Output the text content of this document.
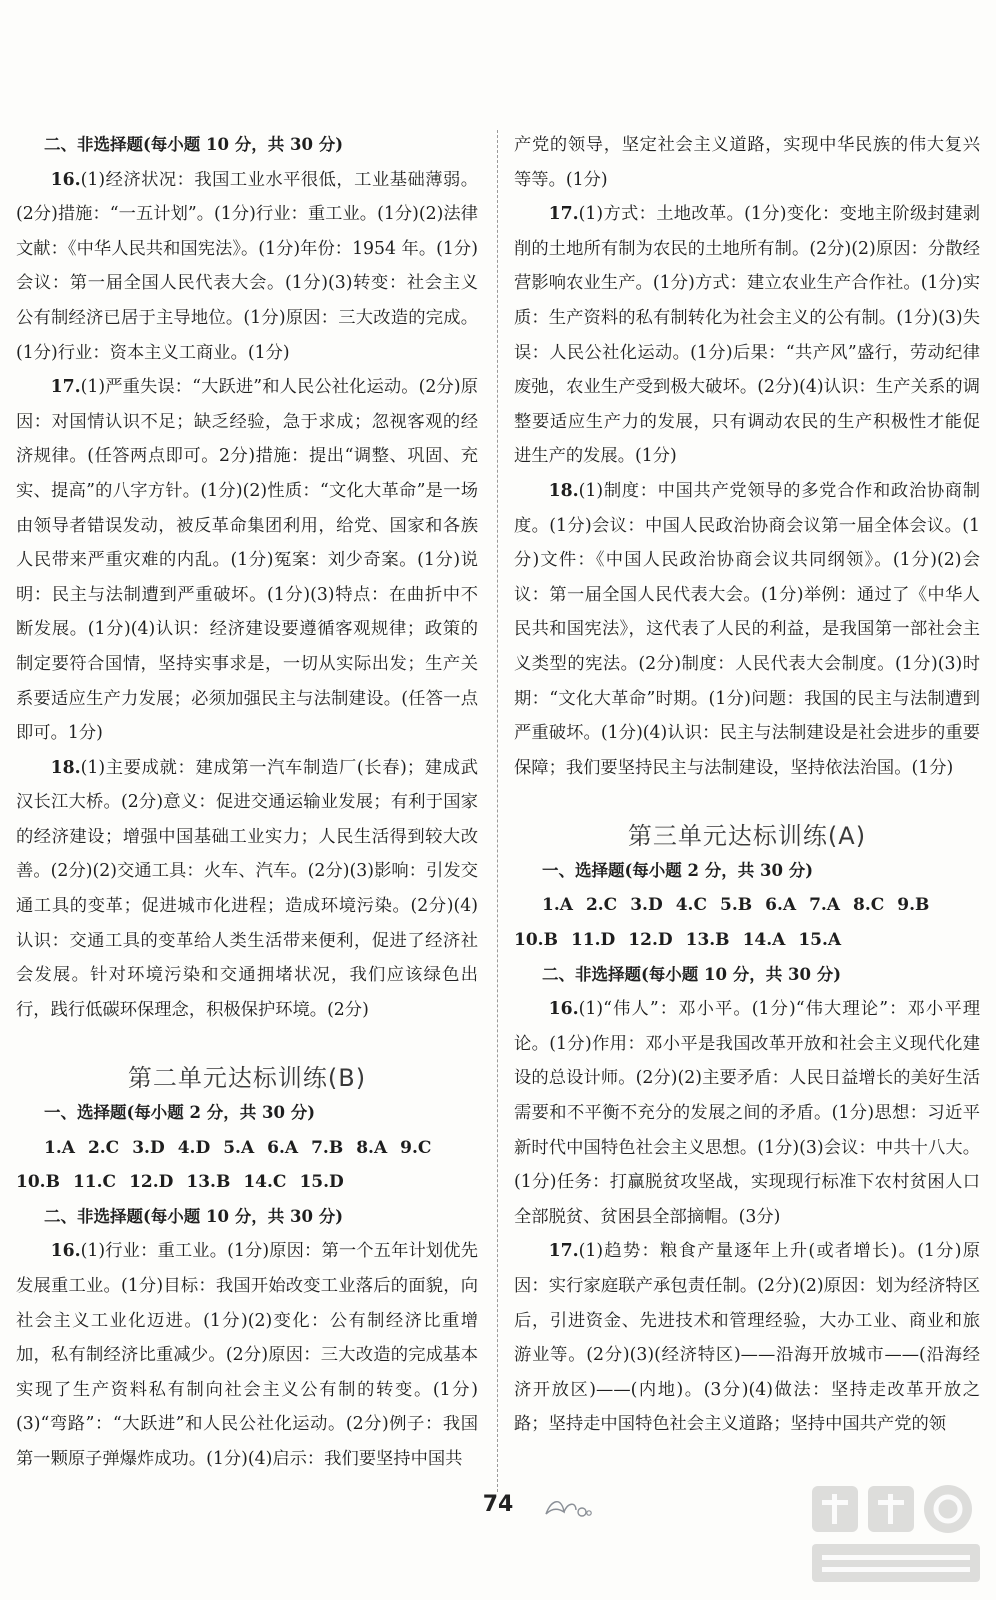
二、非选择题(每小题 10 分，共 30 分)

16.(1)经济状况：我国工业水平很低，工业基础薄弱。(2分)措施：“一五计划”。(1分)行业：重工业。(1分)(2)法律文献：《中华人民共和国宪法》。(1分)年份：1954 年。(1分)会议：第一届全国人民代表大会。(1分)(3)转变：社会主义公有制经济已居于主导地位。(1分)原因：三大改造的完成。(1分)行业：资本主义工商业。(1分)

17.(1)严重失误：“大跃进”和人民公社化运动。(2分)原因：对国情认识不足；缺乏经验，急于求成；忽视客观的经济规律。(任答两点即可。2分)措施：提出“调整、巩固、充实、提高”的八字方针。(1分)(2)性质：“文化大革命”是一场由领导者错误发动，被反革命集团利用，给党、国家和各族人民带来严重灾难的内乱。(1分)冤案：刘少奇案。(1分)说明：民主与法制遭到严重破坏。(1分)(3)特点：在曲折中不断发展。(1分)(4)认识：经济建设要遵循客观规律；政策的制定要符合国情，坚持实事求是，一切从实际出发；生产关系要适应生产力发展；必须加强民主与法制建设。(任答一点即可。1分)

18.(1)主要成就：建成第一汽车制造厂(长春)；建成武汉长江大桥。(2分)意义：促进交通运输业发展；有利于国家的经济建设；增强中国基础工业实力；人民生活得到较大改善。(2分)(2)交通工具：火车、汽车。(2分)(3)影响：引发交通工具的变革；促进城市化进程；造成环境污染。(2分)(4)认识：交通工具的变革给人类生活带来便利，促进了经济社会发展。针对环境污染和交通拥堵状况，我们应该绿色出行，践行低碳环保理念，积极保护环境。(2分)

第二单元达标训练(B)

一、选择题(每小题 2 分，共 30 分)

1.A 2.C 3.D 4.D 5.A 6.A 7.B 8.A 9.C

10.B 11.C 12.D 13.B 14.C 15.D

二、非选择题(每小题 10 分，共 30 分)

16.(1)行业：重工业。(1分)原因：第一个五年计划优先发展重工业。(1分)目标：我国开始改变工业落后的面貌，向社会主义工业化迈进。(1分)(2)变化：公有制经济比重增加，私有制经济比重减少。(2分)原因：三大改造的完成基本实现了生产资料私有制向社会主义公有制的转变。(1分)(3)“弯路”：“大跃进”和人民公社化运动。(2分)例子：我国第一颗原子弹爆炸成功。(1分)(4)启示：我们要坚持中国共

产党的领导，坚定社会主义道路，实现中华民族的伟大复兴等等。(1分)

17.(1)方式：土地改革。(1分)变化：变地主阶级封建剥削的土地所有制为农民的土地所有制。(2分)(2)原因：分散经营影响农业生产。(1分)方式：建立农业生产合作社。(1分)实质：生产资料的私有制转化为社会主义的公有制。(1分)(3)失误：人民公社化运动。(1分)后果：“共产风”盛行，劳动纪律废弛，农业生产受到极大破坏。(2分)(4)认识：生产关系的调整要适应生产力的发展，只有调动农民的生产积极性才能促进生产的发展。(1分)

18.(1)制度：中国共产党领导的多党合作和政治协商制度。(1分)会议：中国人民政治协商会议第一届全体会议。(1分)文件：《中国人民政治协商会议共同纲领》。(1分)(2)会议：第一届全国人民代表大会。(1分)举例：通过了《中华人民共和国宪法》，这代表了人民的利益，是我国第一部社会主义类型的宪法。(2分)制度：人民代表大会制度。(1分)(3)时期：“文化大革命”时期。(1分)问题：我国的民主与法制遭到严重破坏。(1分)(4)认识：民主与法制建设是社会进步的重要保障；我们要坚持民主与法制建设，坚持依法治国。(1分)

第三单元达标训练(A)

一、选择题(每小题 2 分，共 30 分)

1.A 2.C 3.D 4.C 5.B 6.A 7.A 8.C 9.B

10.B 11.D 12.D 13.B 14.A 15.A

二、非选择题(每小题 10 分，共 30 分)

16.(1)“伟人”：邓小平。(1分)“伟大理论”：邓小平理论。(1分)作用：邓小平是我国改革开放和社会主义现代化建设的总设计师。(2分)(2)主要矛盾：人民日益增长的美好生活需要和不平衡不充分的发展之间的矛盾。(1分)思想：习近平新时代中国特色社会主义思想。(1分)(3)会议：中共十八大。(1分)任务：打赢脱贫攻坚战，实现现行标准下农村贫困人口全部脱贫、贫困县全部摘帽。(3分)

17.(1)趋势：粮食产量逐年上升(或者增长)。(1分)原因：实行家庭联产承包责任制。(2分)(2)原因：划为经济特区后，引进资金、先进技术和管理经验，大办工业、商业和旅游业等。(2分)(3)(经济特区)——沿海开放城市——(沿海经济开放区)——(内地)。(3分)(4)做法：坚持走改革开放之路；坚持走中国特色社会主义道路；坚持中国共产党的领

74
